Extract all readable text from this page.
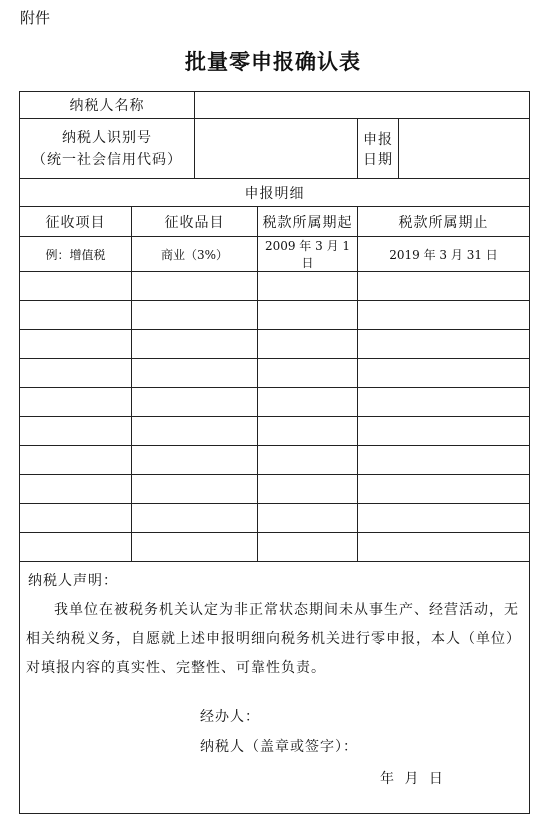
附件
批量零申报确认表
纳税人名称					

纳税人识别号
（统一社会信用代码）				申报日期	
申报明细					
征收项目	征收品目		税款所属期起	税款所属期止	
例：增值税	商业（3%）		2009 年 3 月 1 日	2019 年 3 月 31 日	

纳税人声明：
我单位在被税务机关认定为非正常状态期间未从事生产、经营活动，无相关纳税义务，自愿就上述申报明细向税务机关进行零申报，本人（单位）对填报内容的真实性、完整性、可靠性负责。
经办人：
纳税人（盖章或签字）：
年 月 日					
